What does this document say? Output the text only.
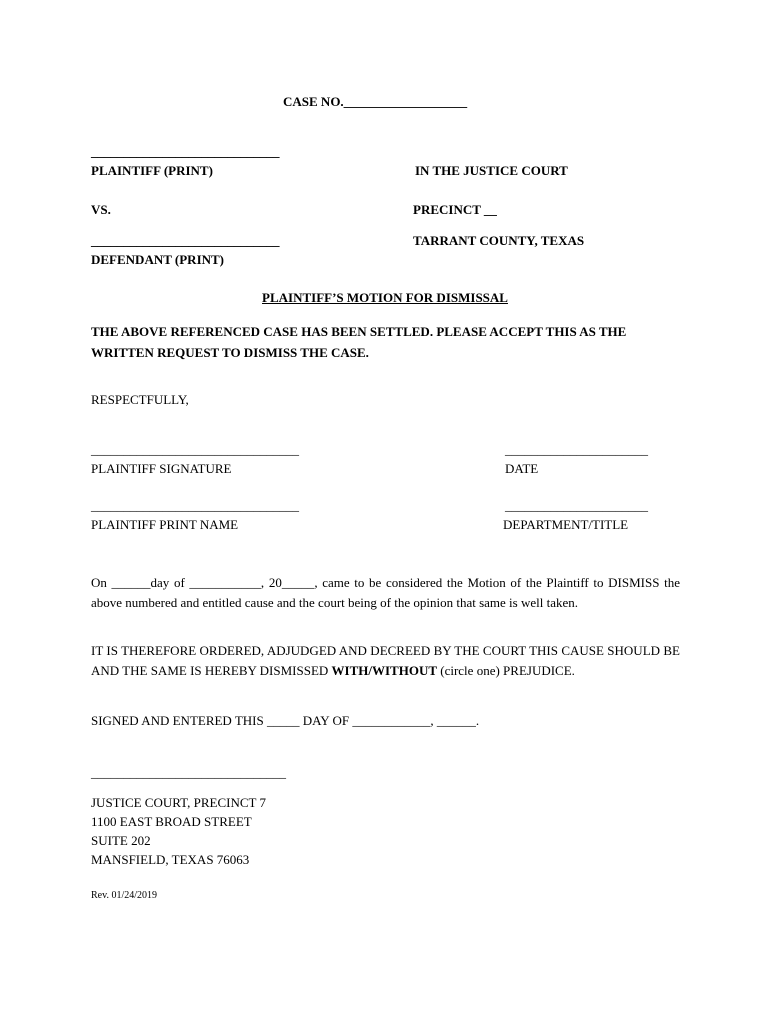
CASE NO.___________________
_____________________________
PLAINTIFF (PRINT)	IN THE JUSTICE COURT
VS.	PRECINCT __
_____________________________	TARRANT COUNTY, TEXAS
DEFENDANT (PRINT)
PLAINTIFF’S MOTION FOR DISMISSAL
THE ABOVE REFERENCED CASE HAS BEEN SETTLED. PLEASE ACCEPT THIS AS THE WRITTEN REQUEST TO DISMISS THE CASE.
RESPECTFULLY,
________________________________	______________________
PLAINTIFF SIGNATURE	DATE
________________________________	______________________
PLAINTIFF PRINT NAME	DEPARTMENT/TITLE
On ______day of ___________, 20_____, came to be considered the Motion of the Plaintiff to DISMISS the above numbered and entitled cause and the court being of the opinion that same is well taken.
IT IS THEREFORE ORDERED, ADJUDGED AND DECREED BY THE COURT THIS CAUSE SHOULD BE AND THE SAME IS HEREBY DISMISSED WITH/WITHOUT (circle one) PREJUDICE.
SIGNED AND ENTERED THIS _____ DAY OF ____________, ______.
______________________________
JUSTICE COURT, PRECINCT 7
1100 EAST BROAD STREET
SUITE 202
MANSFIELD, TEXAS 76063
Rev. 01/24/2019
